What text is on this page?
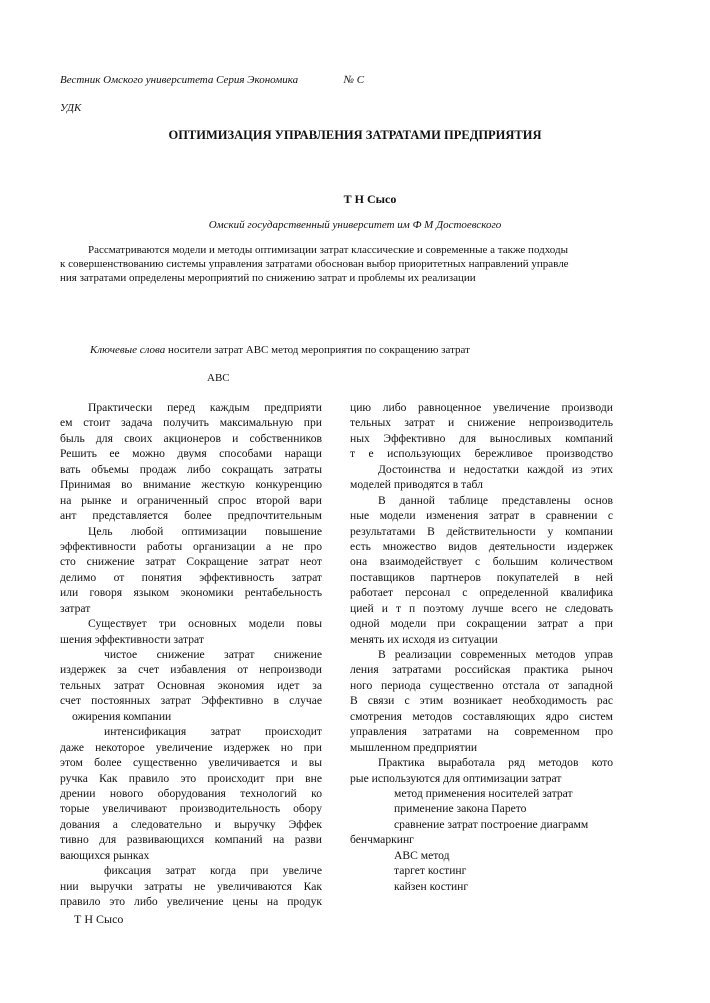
Вестник Омского университета Серия Экономика	№ С
УДК
ОПТИМИЗАЦИЯ УПРАВЛЕНИЯ ЗАТРАТАМИ ПРЕДПРИЯТИЯ
Т Н Сысо
Омский государственный университет им Ф М Достоевского
Рассматриваются модели и методы оптимизации затрат классические и современные а также подходы
к совершенствованию системы управления затратами обоснован выбор приоритетных направлений управле
ния затратами определены мероприятий по снижению затрат и проблемы их реализации
Ключевые слова носители затрат АВС метод мероприятия по сокращению затрат
АВС
Практически перед каждым предприяти
ем стоит задача получить максимальную при
быль для своих акционеров и собственников
Решить ее можно двумя способами наращи
вать объемы продаж либо сокращать затраты
Принимая во внимание жесткую конкуренцию
на рынке и ограниченный спрос второй вари
ант представляется более предпочтительным
Цель любой оптимизации повышение
эффективности работы организации а не про
сто снижение затрат Сокращение затрат неот
делимо от понятия эффективность затрат
или говоря языком экономики рентабельность
затрат
Существует три основных модели повы
шения эффективности затрат
чистое снижение затрат снижение
издержек за счет избавления от непроизводи
тельных затрат Основная экономия идет за
счет постоянных затрат Эффективно в случае
ожирения компании
интенсификация затрат происходит
даже некоторое увеличение издержек но при
этом более существенно увеличивается и вы
ручка Как правило это происходит при вне
дрении нового оборудования технологий ко
торые увеличивают производительность обору
дования а следовательно и выручку Эффек
тивно для развивающихся компаний на разви
вающихся рынках
фиксация затрат когда при увеличе
нии выручки затраты не увеличиваются Как
правило это либо увеличение цены на продук
цию либо равноценное увеличение производи
тельных затрат и снижение непроизводитель
ных Эффективно для выносливых компаний
т е использующих бережливое производство
Достоинства и недостатки каждой из этих
моделей приводятся в табл
В данной таблице представлены основ
ные модели изменения затрат в сравнении с
результатами В действительности у компании
есть множество видов деятельности издержек
она взаимодействует с большим количеством
поставщиков партнеров покупателей в ней
работает персонал с определенной квалифика
цией и т п поэтому лучше всего не следовать
одной модели при сокращении затрат а при
менять их исходя из ситуации
В реализации современных методов управ
ления затратами российская практика рыноч
ного периода существенно отстала от западной
В связи с этим возникает необходимость рас
смотрения методов составляющих ядро систем
управления затратами на современном про
мышленном предприятии
Практика выработала ряд методов кото
рые используются для оптимизации затрат
метод применения носителей затрат
применение закона Парето
сравнение затрат построение диаграмм
бенчмаркинг
АВС метод
таргет костинг
кайзен костинг
Т Н Сысо
